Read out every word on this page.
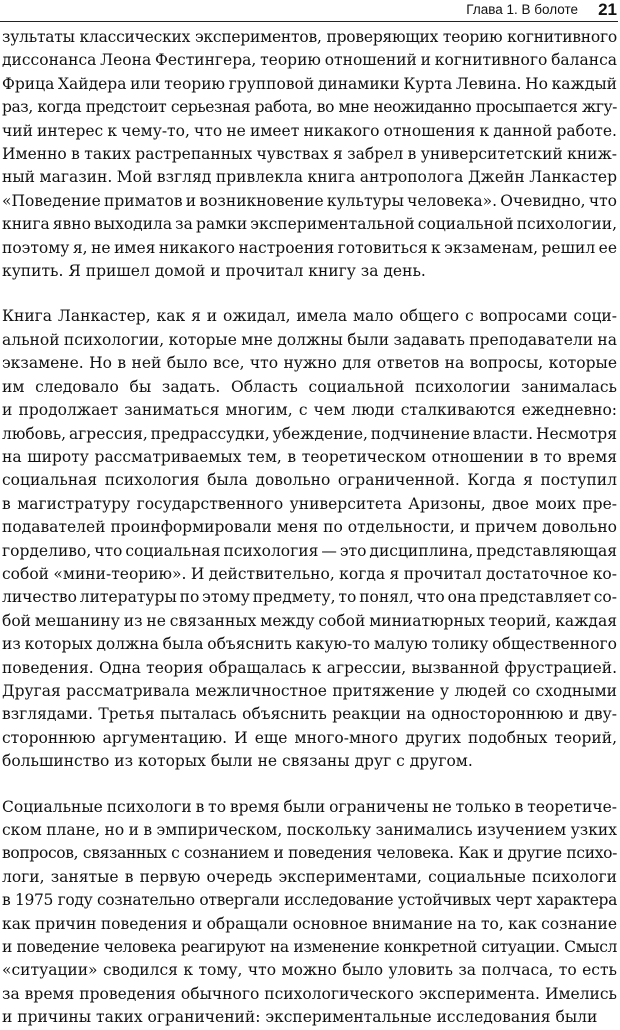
Глава 1. В болоте 21

зультаты классических экспериментов, проверяющих теорию когнитивного
диссонанса Леона Фестингера, теорию отношений и когнитивного баланса
Фрица Хайдера или теорию групповой динамики Курта Левина. Но каждый
раз, когда предстоит серьезная работа, во мне неожиданно просыпается жгу-
чий интерес к чему-то, что не имеет никакого отношения к данной работе.
Именно в таких растрепанных чувствах я забрел в университетский книж-
ный магазин. Мой взгляд привлекла книга антрополога Джейн Ланкастер
«Поведение приматов и возникновение культуры человека». Очевидно, что
книга явно выходила за рамки экспериментальной социальной психологии,
поэтому я, не имея никакого настроения готовиться к экзаменам, решил ее
купить. Я пришел домой и прочитал книгу за день.

Книга Ланкастер, как я и ожидал, имела мало общего с вопросами соци-
альной психологии, которые мне должны были задавать преподаватели на
экзамене. Но в ней было все, что нужно для ответов на вопросы, которые
им следовало бы задать. Область социальной психологии занималась
и продолжает заниматься многим, с чем люди сталкиваются ежедневно:
любовь, агрессия, предрассудки, убеждение, подчинение власти. Несмотря
на широту рассматриваемых тем, в теоретическом отношении в то время
социальная психология была довольно ограниченной. Когда я поступил
в магистратуру государственного университета Аризоны, двое моих пре-
подавателей проинформировали меня по отдельности, и причем довольно
горделиво, что социальная психология — это дисциплина, представляющая
собой «мини-теорию». И действительно, когда я прочитал достаточное ко-
личество литературы по этому предмету, то понял, что она представляет со-
бой мешанину из не связанных между собой миниатюрных теорий, каждая
из которых должна была объяснить какую-то малую толику общественного
поведения. Одна теория обращалась к агрессии, вызванной фрустрацией.
Другая рассматривала межличностное притяжение у людей со сходными
взглядами. Третья пыталась объяснить реакции на одностороннюю и дву-
стороннюю аргументацию. И еще много-много других подобных теорий,
большинство из которых были не связаны друг с другом.

Социальные психологи в то время были ограничены не только в теоретиче-
ском плане, но и в эмпирическом, поскольку занимались изучением узких
вопросов, связанных с сознанием и поведения человека. Как и другие психо-
логи, занятые в первую очередь экспериментами, социальные психологи
в 1975 году сознательно отвергали исследование устойчивых черт характера
как причин поведения и обращали основное внимание на то, как сознание
и поведение человека реагируют на изменение конкретной ситуации. Смысл
«ситуации» сводился к тому, что можно было уловить за полчаса, то есть
за время проведения обычного психологического эксперимента. Имелись
и причины таких ограничений: экспериментальные исследования были
